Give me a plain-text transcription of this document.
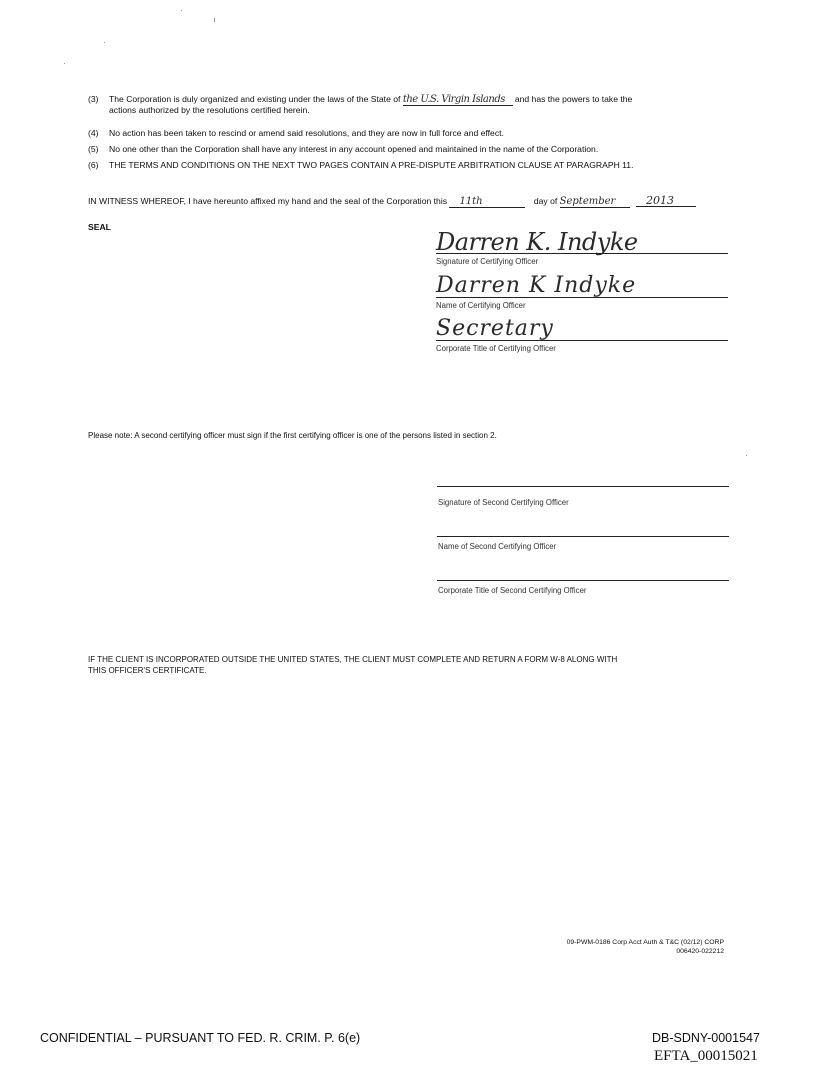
(3) The Corporation is duly organized and existing under the laws of the State of the U.S. Virgin Islands and has the powers to take the
actions authorized by the resolutions certified herein.
(4) No action has been taken to rescind or amend said resolutions, and they are now in full force and effect.
(5) No one other than the Corporation shall have any interest in any account opened and maintained in the name of the Corporation.
(6) THE TERMS AND CONDITIONS ON THE NEXT TWO PAGES CONTAIN A PRE-DISPUTE ARBITRATION CLAUSE AT PARAGRAPH 11.
IN WITNESS WHEREOF, I have hereunto affixed my hand and the seal of the Corporation this 11th	day of September	2013
SEAL
Darren K. Indyke
Signature of Certifying Officer
Darren K Indyke
Name of Certifying Officer
Secretary
Corporate Title of Certifying Officer
Please note: A second certifying officer must sign if the first certifying officer is one of the persons listed in section 2.
Signature of Second Certifying Officer
Name of Second Certifying Officer
Corporate Title of Second Certifying Officer
IF THE CLIENT IS INCORPORATED OUTSIDE THE UNITED STATES, THE CLIENT MUST COMPLETE AND RETURN A FORM W-8 ALONG WITH
THIS OFFICER'S CERTIFICATE.
09-PWM-0186 Corp Acct Auth & T&C (02/12) CORP
006420-022212
CONFIDENTIAL – PURSUANT TO FED. R. CRIM. P. 6(e)	DB-SDNY-0001547
EFTA_00015021
